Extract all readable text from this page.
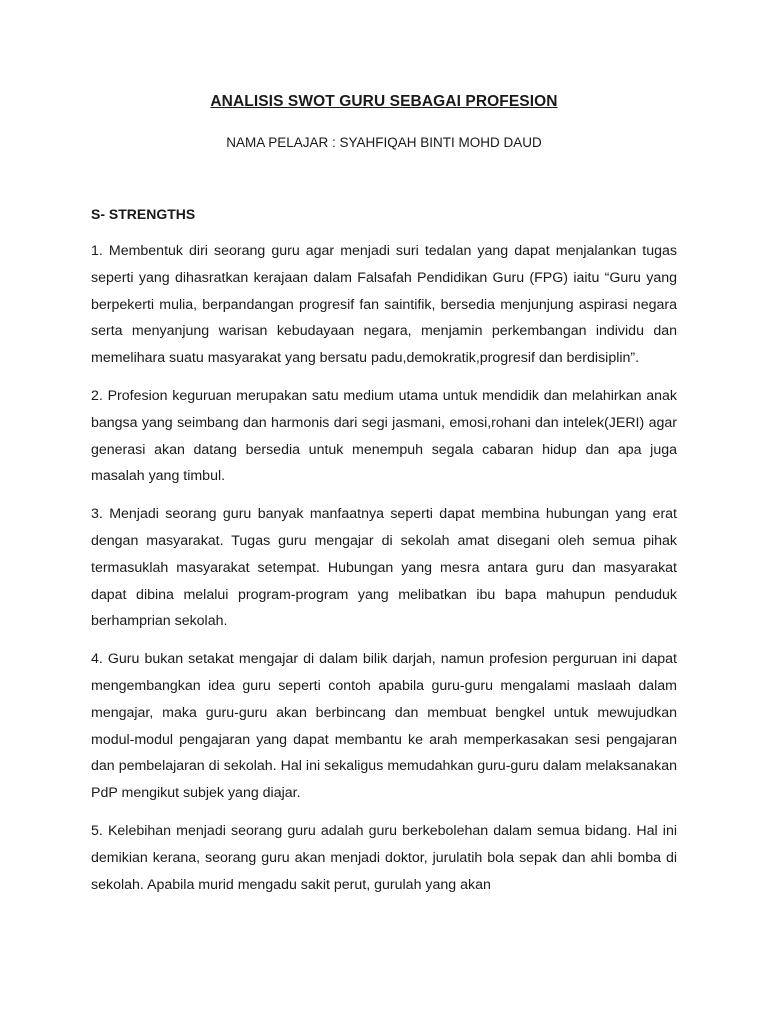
ANALISIS SWOT GURU SEBAGAI PROFESION

NAMA PELAJAR : SYAHFIQAH BINTI MOHD DAUD

S- STRENGTHS

1. Membentuk diri seorang guru agar menjadi suri tedalan yang dapat menjalankan tugas seperti yang dihasratkan kerajaan dalam Falsafah Pendidikan Guru (FPG) iaitu “Guru yang berpekerti mulia, berpandangan progresif fan saintifik, bersedia menjunjung aspirasi negara serta menyanjung warisan kebudayaan negara, menjamin perkembangan individu dan memelihara suatu masyarakat yang bersatu padu,demokratik,progresif dan berdisiplin”.

2. Profesion keguruan merupakan satu medium utama untuk mendidik dan melahirkan anak bangsa yang seimbang dan harmonis dari segi jasmani, emosi,rohani dan intelek(JERI) agar generasi akan datang bersedia untuk menempuh segala cabaran hidup dan apa juga masalah yang timbul.

3. Menjadi seorang guru banyak manfaatnya seperti dapat membina hubungan yang erat dengan masyarakat. Tugas guru mengajar di sekolah amat disegani oleh semua pihak termasuklah masyarakat setempat. Hubungan yang mesra antara guru dan masyarakat dapat dibina melalui program-program yang melibatkan ibu bapa mahupun penduduk berhamprian sekolah.

4. Guru bukan setakat mengajar di dalam bilik darjah, namun profesion perguruan ini dapat mengembangkan idea guru seperti contoh apabila guru-guru mengalami maslaah dalam mengajar, maka guru-guru akan berbincang dan membuat bengkel untuk mewujudkan modul-modul pengajaran yang dapat membantu ke arah memperkasakan sesi pengajaran dan pembelajaran di sekolah. Hal ini sekaligus memudahkan guru-guru dalam melaksanakan PdP mengikut subjek yang diajar.

5. Kelebihan menjadi seorang guru adalah guru berkebolehan dalam semua bidang. Hal ini demikian kerana, seorang guru akan menjadi doktor, jurulatih bola sepak dan ahli bomba di sekolah. Apabila murid mengadu sakit perut, gurulah yang akan
